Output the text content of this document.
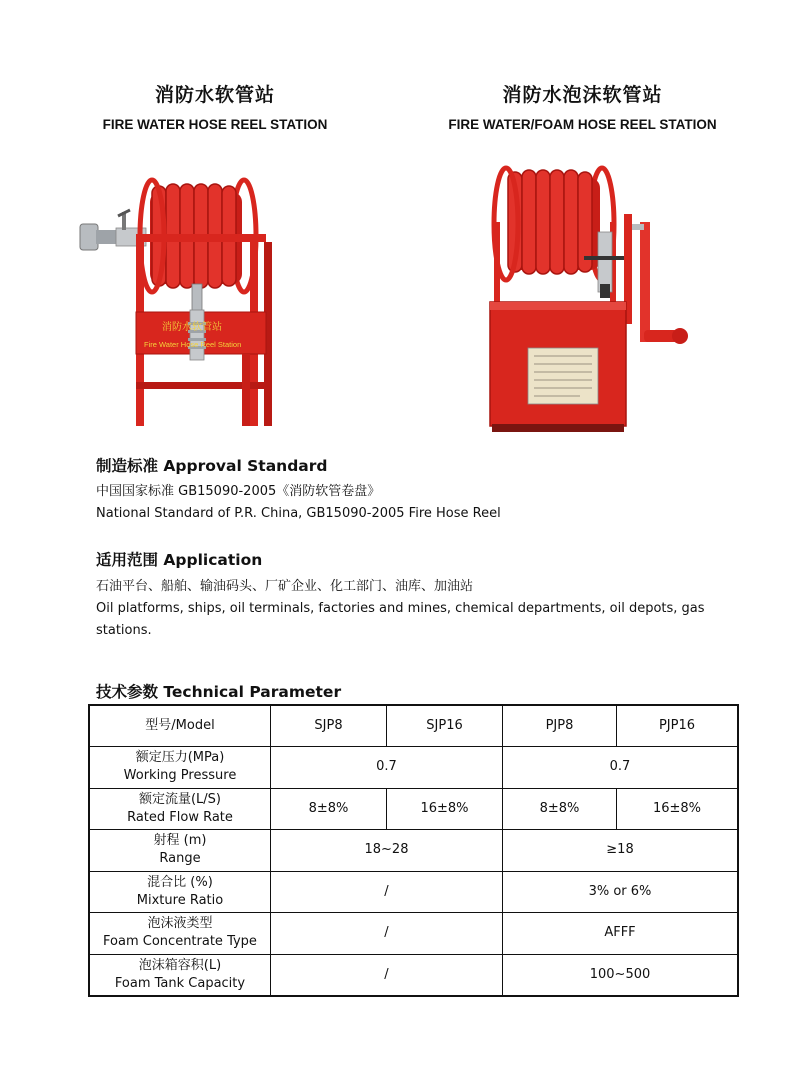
消防水软管站
FIRE WATER HOSE REEL STATION
消防水泡沫软管站
FIRE WATER/FOAM HOSE REEL STATION
消防水软管站
Fire Water Hose Reel Station
制造标准 Approval Standard

中国国家标准 GB15090-2005《消防软管卷盘》

National Standard of P.R. China, GB15090-2005 Fire Hose Reel

适用范围 Application

石油平台、船舶、输油码头、厂矿企业、化工部门、油库、加油站

Oil platforms, ships, oil terminals, factories and mines, chemical departments, oil depots, gas

stations.

技术参数 Technical Parameter
型号/Model	SJP8	SJP16	PJP8	PJP16

额定压力(MPa)
Working Pressure	0.7		0.7	

额定流量(L/S)
Rated Flow Rate	8±8%	16±8%	8±8%	16±8%

射程 (m)
Range	18~28		≥18	

混合比 (%)
Mixture Ratio	/		3% or 6%	

泡沫液类型
Foam Concentrate Type	/		AFFF	

泡沫箱容积(L)
Foam Tank Capacity	/		100~500	
